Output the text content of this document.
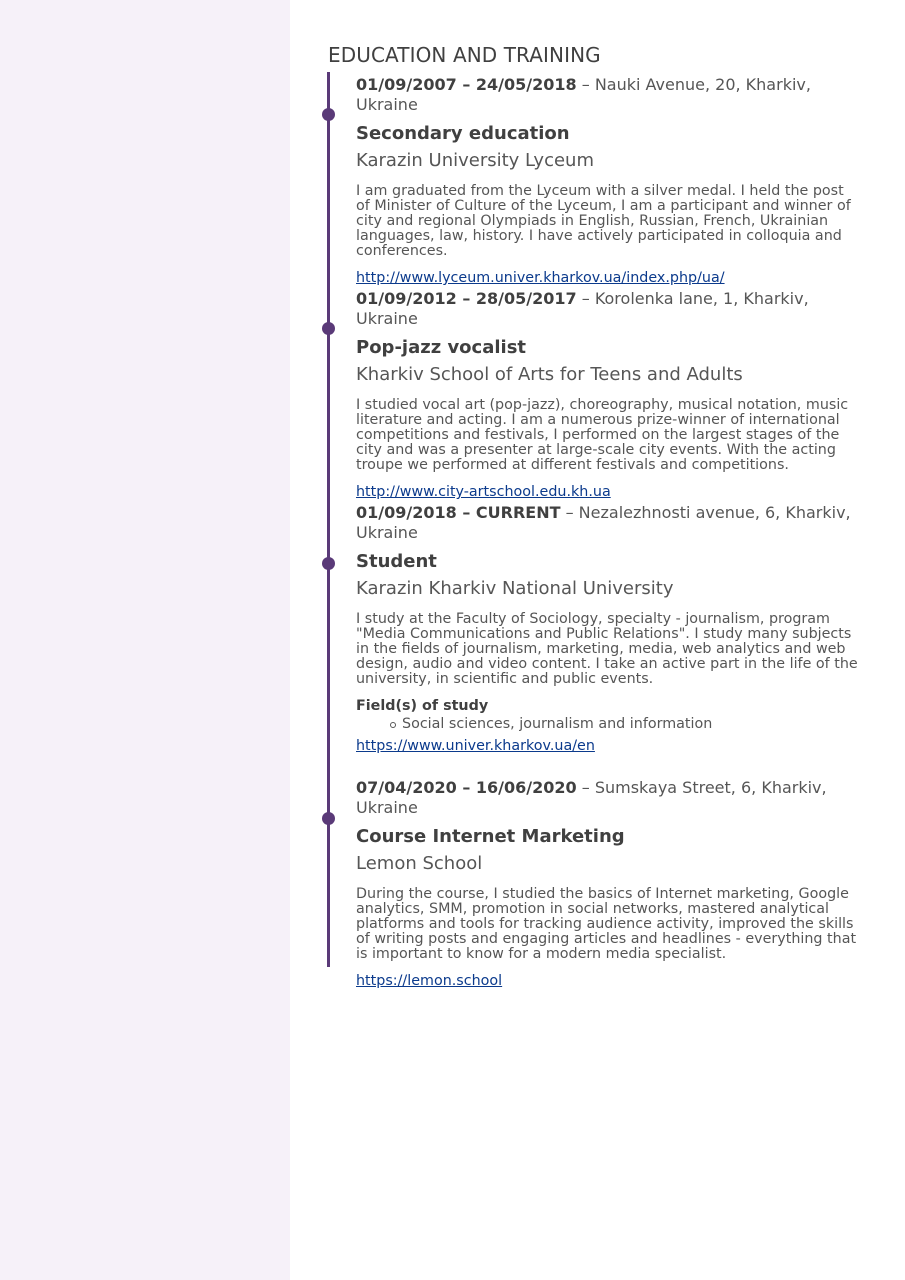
EDUCATION AND TRAINING

01/09/2007 – 24/05/2018 – Nauki Avenue, 20, Kharkiv, Ukraine

Secondary education

Karazin University Lyceum

I am graduated from the Lyceum with a silver medal. I held the post of Minister of Culture of the Lyceum, I am a participant and winner of city and regional Olympiads in English, Russian, French, Ukrainian languages, law, history. I have actively participated in colloquia and conferences.

http://www.lyceum.univer.kharkov.ua/index.php/ua/

01/09/2012 – 28/05/2017 – Korolenka lane, 1, Kharkiv, Ukraine

Pop-jazz vocalist

Kharkiv School of Arts for Teens and Adults

I studied vocal art (pop-jazz), choreography, musical notation, music literature and acting. I am a numerous prize-winner of international competitions and festivals, I performed on the largest stages of the city and was a presenter at large-scale city events. With the acting troupe we performed at different festivals and competitions.

http://www.city-artschool.edu.kh.ua

01/09/2018 – CURRENT – Nezalezhnosti avenue, 6, Kharkiv, Ukraine

Student

Karazin Kharkiv National University

I study at the Faculty of Sociology, specialty - journalism, program "Media Communications and Public Relations". I study many subjects in the fields of journalism, marketing, media, web analytics and web design, audio and video content. I take an active part in the life of the university, in scientific and public events.

Field(s) of study

Social sciences, journalism and information
https://www.univer.kharkov.ua/en

07/04/2020 – 16/06/2020 – Sumskaya Street, 6, Kharkiv, Ukraine

Course Internet Marketing

Lemon School

During the course, I studied the basics of Internet marketing, Google analytics, SMM, promotion in social networks, mastered analytical platforms and tools for tracking audience activity, improved the skills of writing posts and engaging articles and headlines - everything that is important to know for a modern media specialist.

https://lemon.school
